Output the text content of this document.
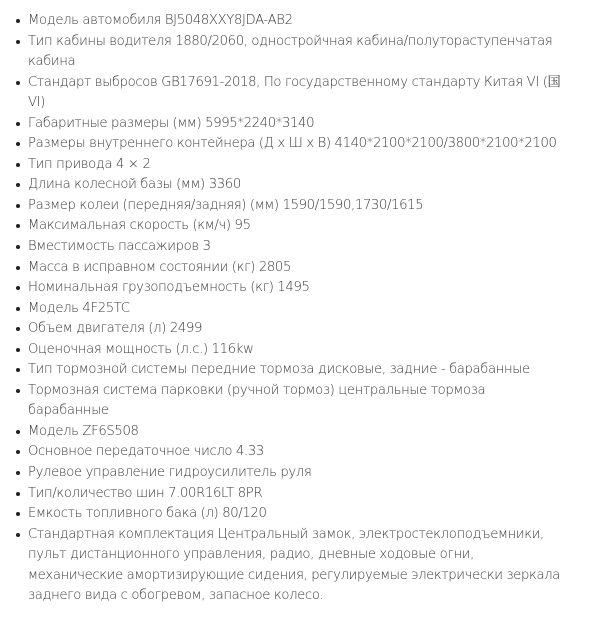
Модель автомобиля BJ5048XXY8JDA-AB2
Тип кабины водителя 1880/2060, одностройчная кабина/полутораступенчатая кабина
Стандарт выбросов GB17691-2018, По государственному стандарту Китая VI (国 VI)
Габаритные размеры (мм) 5995*2240*3140
Размеры внутреннего контейнера (Д х Ш х В) 4140*2100*2100/3800*2100*2100
Тип привода 4 × 2
Длина колесной базы (мм) 3360
Размер колеи (передняя/задняя) (мм) 1590/1590,1730/1615
Максимальная скорость (км/ч) 95
Вместимость пассажиров 3
Масса в исправном состоянии (кг) 2805
Номинальная грузоподъемность (кг) 1495
Модель 4F25TC
Объем двигателя (л) 2499
Оценочная мощность (л.с.) 116kw
Тип тормозной системы передние тормоза дисковые, задние - барабанные
Тормозная система парковки (ручной тормоз) центральные тормоза барабанные
Модель ZF6S508
Основное передаточное число 4.33
Рулевое управление гидроусилитель руля
Тип/количество шин 7.00R16LT 8PR
Емкость топливного бака (л) 80/120
Стандартная комплектация Центральный замок, электростеклоподъемники, пульт дистанционного управления, радио, дневные ходовые огни, механические амортизирующие сидения, регулируемые электрически зеркала заднего вида с обогревом, запасное колесо.
